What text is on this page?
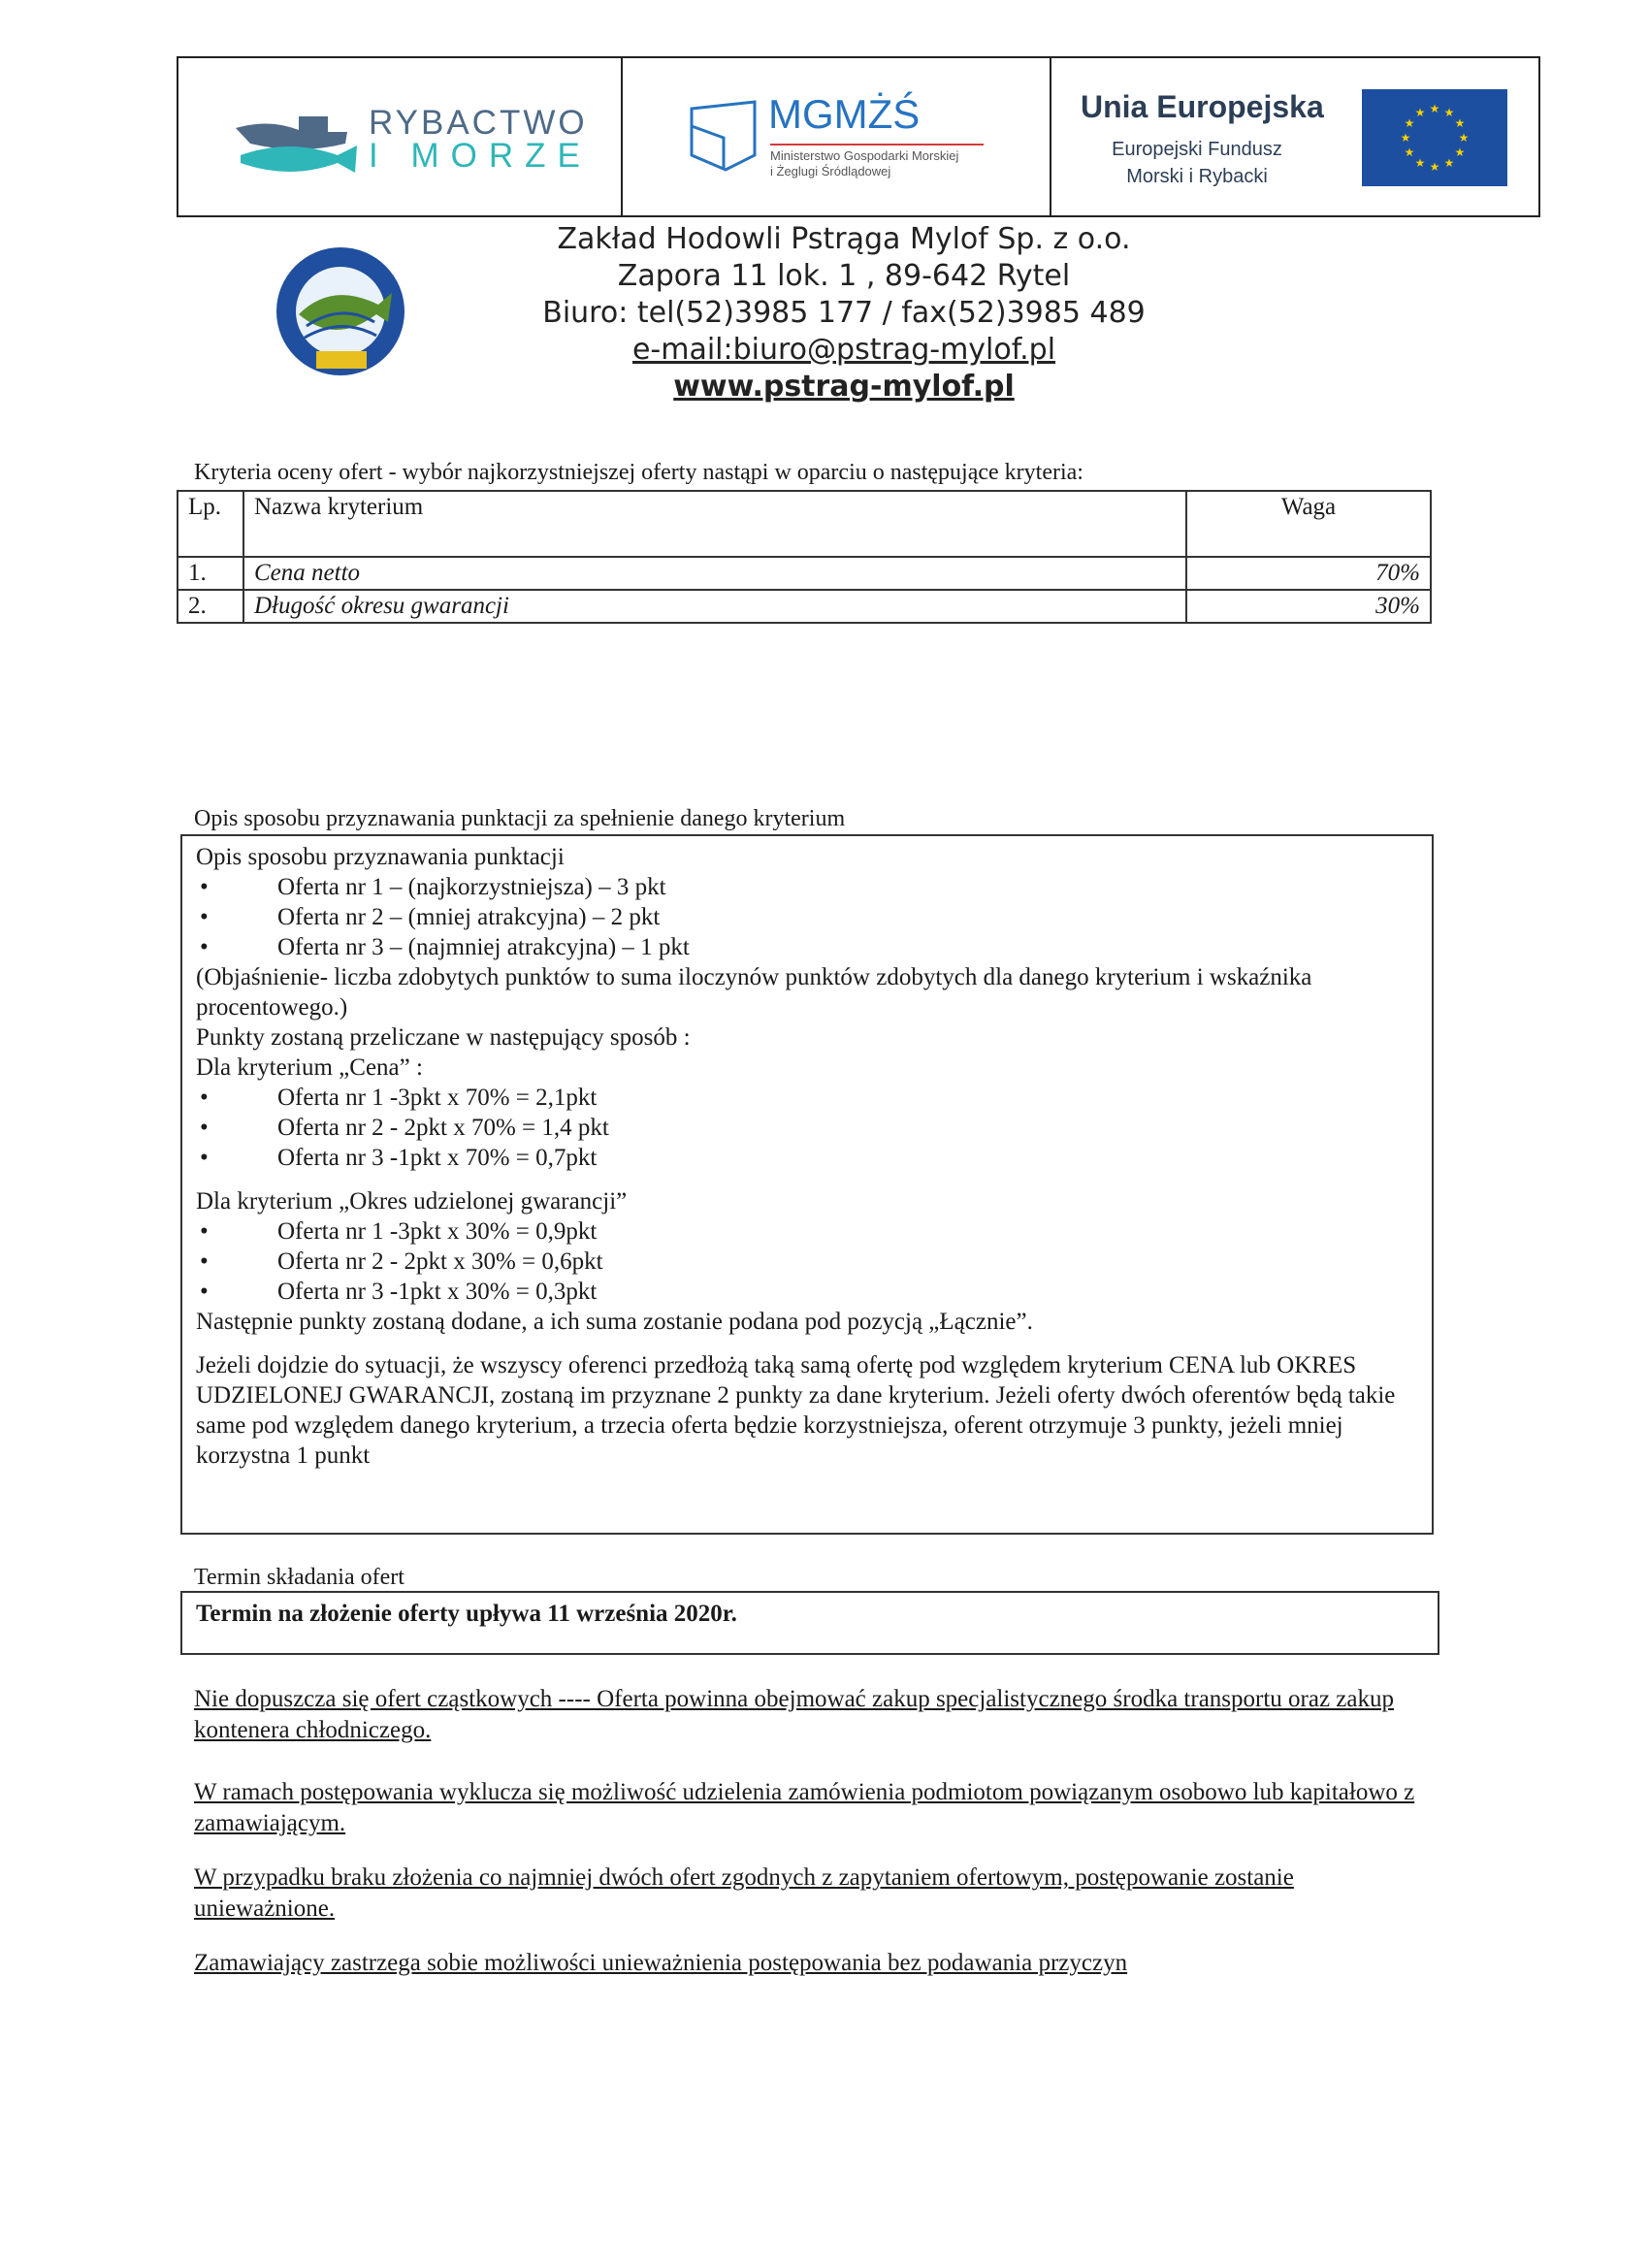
RYBACTWO
I MORZE
MGMŻŚ
Ministerstwo Gospodarki Morskiej
i Żeglugi Śródlądowej
Unia Europejska
Europejski Fundusz
Morski i Rybacki
★ ★
★
★
★
★
★
★
★
★
★
★
Zakład Hodowli Pstrąga Mylof Sp. z o.o.
Zapora 11 lok. 1 , 89-642 Rytel
Biuro: tel(52)3985 177 / fax(52)3985 489
e-mail:biuro@pstrag-mylof.pl
www.pstrag-mylof.pl
Kryteria oceny ofert - wybór najkorzystniejszej oferty nastąpi w oparciu o następujące kryteria:
Lp.	Nazwa kryterium	Waga
1.	Cena netto	70%
2.	Długość okresu gwarancji	30%
Opis sposobu przyznawania punktacji za spełnienie danego kryterium
Opis sposobu przyznawania punktacji
• Oferta nr 1 – (najkorzystniejsza) – 3 pkt
• Oferta nr 2 – (mniej atrakcyjna) – 2 pkt
• Oferta nr 3 – (najmniej atrakcyjna) – 1 pkt
(Objaśnienie- liczba zdobytych punktów to suma iloczynów punktów zdobytych dla danego kryterium i wskaźnika procentowego.)
Punkty zostaną przeliczane w następujący sposób :
Dla kryterium „Cena” :
• Oferta nr 1 -3pkt x 70% = 2,1pkt
• Oferta nr 2 - 2pkt x 70% = 1,4 pkt
• Oferta nr 3 -1pkt x 70% = 0,7pkt
Dla kryterium „Okres udzielonej gwarancji”
• Oferta nr 1 -3pkt x 30% = 0,9pkt
• Oferta nr 2 - 2pkt x 30% = 0,6pkt
• Oferta nr 3 -1pkt x 30% = 0,3pkt
Następnie punkty zostaną dodane, a ich suma zostanie podana pod pozycją „Łącznie”.
Jeżeli dojdzie do sytuacji, że wszyscy oferenci przedłożą taką samą ofertę pod względem kryterium CENA lub OKRES UDZIELONEJ GWARANCJI, zostaną im przyznane 2 punkty za dane kryterium. Jeżeli oferty dwóch oferentów będą takie same pod względem danego kryterium, a trzecia oferta będzie korzystniejsza, oferent otrzymuje 3 punkty, jeżeli mniej korzystna 1 punkt
Termin składania ofert
Termin na złożenie oferty upływa 11 września 2020r.
Nie dopuszcza się ofert cząstkowych ---- Oferta powinna obejmować zakup specjalistycznego środka transportu oraz zakup kontenera chłodniczego.
W ramach postępowania wyklucza się możliwość udzielenia zamówienia podmiotom powiązanym osobowo lub kapitałowo z zamawiającym.
W przypadku braku złożenia co najmniej dwóch ofert zgodnych z zapytaniem ofertowym, postępowanie zostanie unieważnione.
Zamawiający zastrzega sobie możliwości unieważnienia postępowania bez podawania przyczyn
